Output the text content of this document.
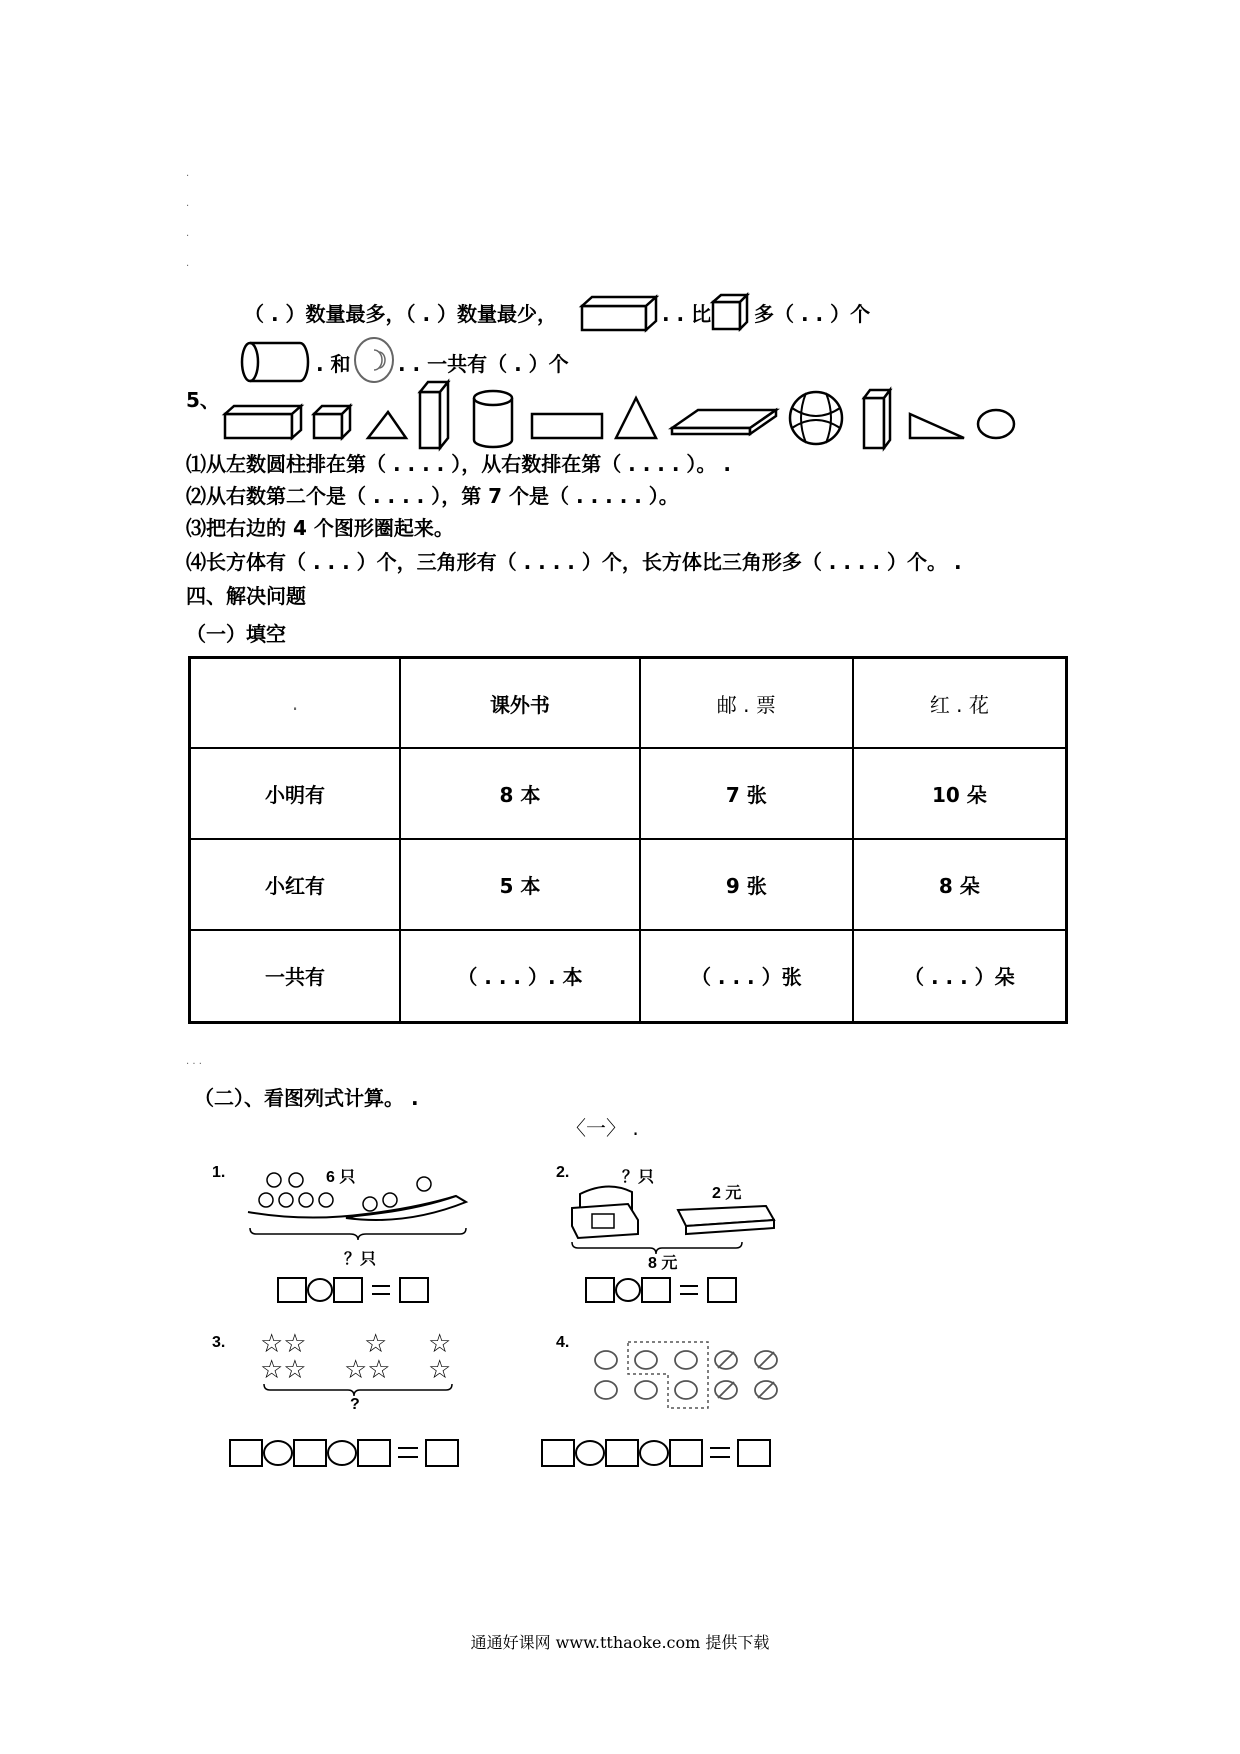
.
.
.
.
（ . ）数量最多，（ . ）数量最少，	. . 比 多（ . . ）个
. 和 . . 一共有（ . ）个
5、
⑴从左数圆柱排在第（ . . . . ），从右数排在第（ . . . . ）。 .
⑵从右数第二个是（ . . . . ），第 7 个是（ . . . . . ）。
⑶把右边的 4 个图形圈起来。
⑷长方体有（ . . . ）个，三角形有（ . . . . ）个，长方体比三角形多（ . . . . ）个。 .
四、解决问题
（一）填空
.	课外书	邮 . 票	红 . 花
小明有	8 本	7 张	10 朵
小红有	5 本	9 张	8 朵
一共有	（ . . . ）. 本	（ . . . ）张	（ . . . ）朵
. . .
（二）、看图列式计算。 .
〈一〉 .
1.	6 只
？只
2.	？只
2 元
8 元
3. ☆☆ ☆ ☆
☆☆ ☆☆ ☆
?
4.
通通好课网 www.tthaoke.com 提供下载
